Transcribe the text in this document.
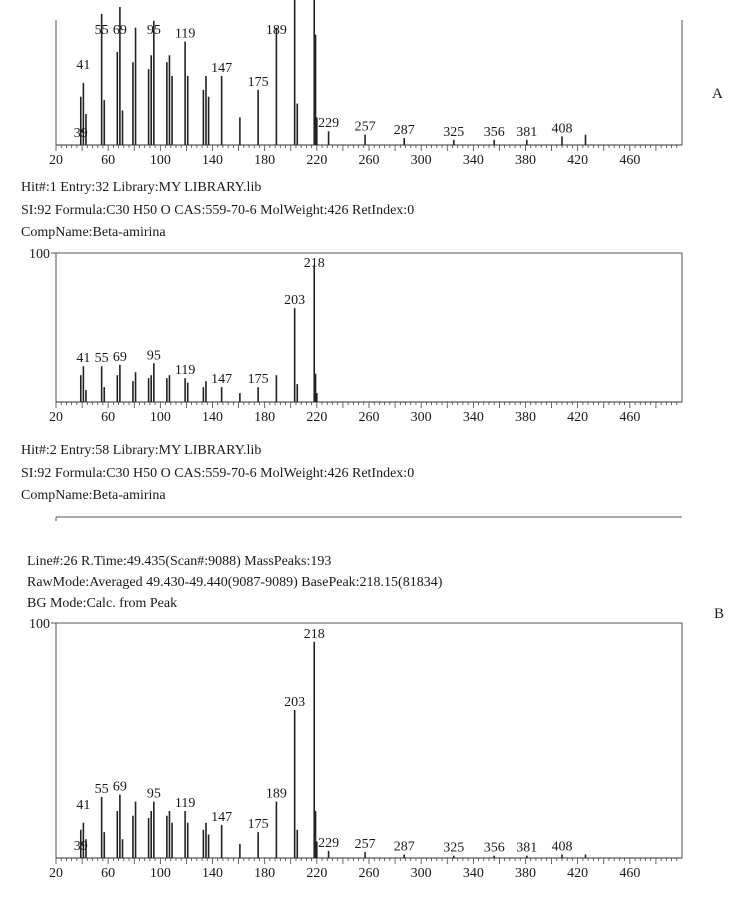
A
B
Hit#:1 Entry:32 Library:MY LIBRARY.lib
SI:92 Formula:C30 H50 O CAS:559-70-6 MolWeight:426 RetIndex:0
CompName:Beta-amirina
Hit#:2 Entry:58 Library:MY LIBRARY.lib
SI:92 Formula:C30 H50 O CAS:559-70-6 MolWeight:426 RetIndex:0
CompName:Beta-amirina
Line#:26 R.Time:49.435(Scan#:9088) MassPeaks:193
RawMode:Averaged 49.430-49.440(9087-9089) BasePeak:218.15(81834)
BG Mode:Calc. from Peak
20	60 100 140 180 220 260 300 340 380 420 460
39
41
55 69 95 119
147
175
189
229 257 287 325 356 381 408
100
20	60 100 140 180 220 260 300 340 380 420 460
41 55 69 95
119
147 175
203
218
100
20	60 100 140 180 220 260 300 340 380 420 460
39
41
55 69 95
119
147 175
189
203
218
229 257 287 325 356 381 408
